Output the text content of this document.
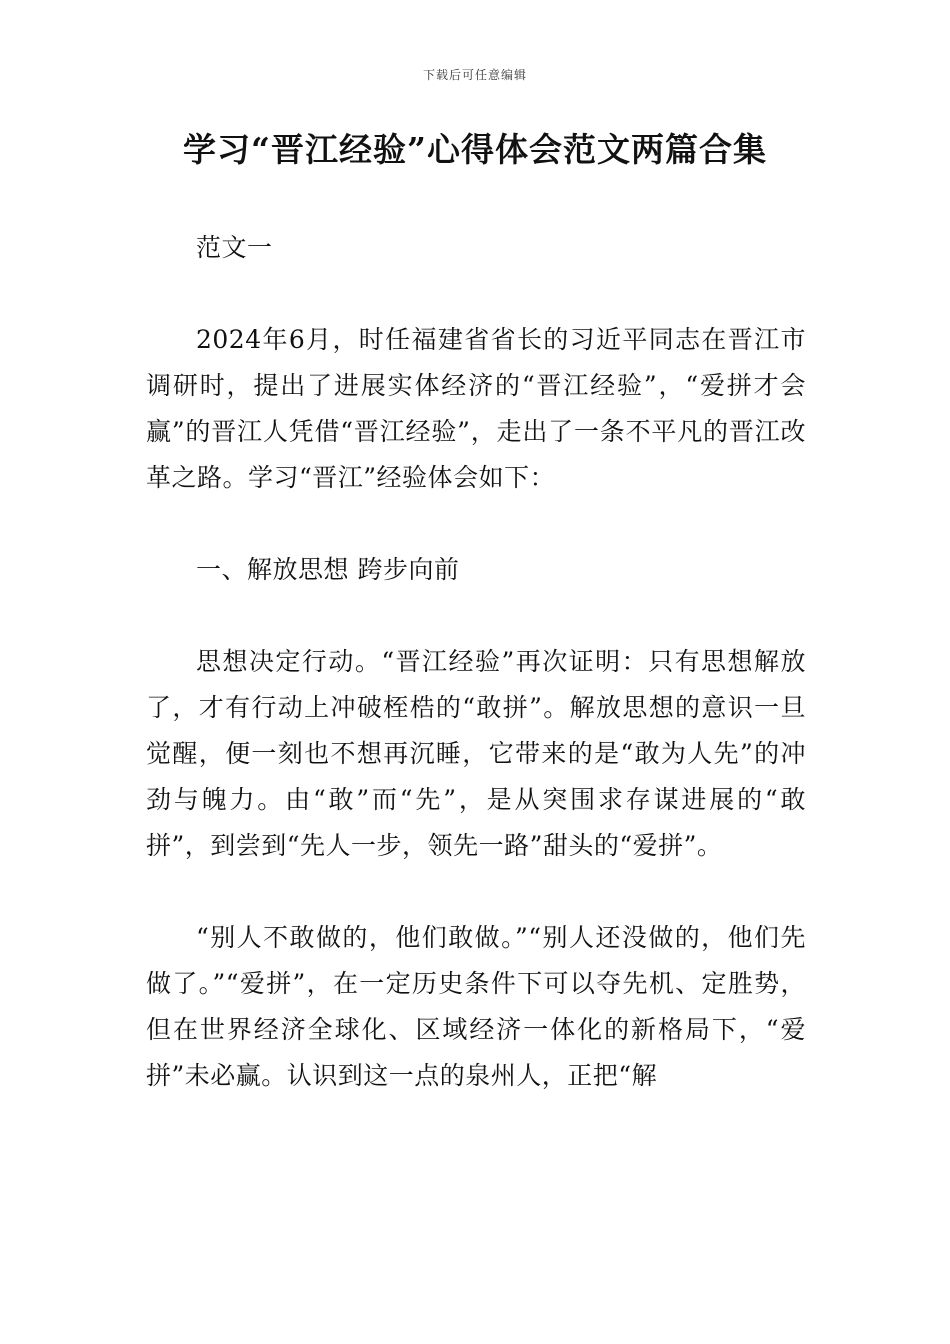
下载后可任意编辑
学习“晋江经验”心得体会范文两篇合集

范文一

2024年6月，时任福建省省长的习近平同志在晋江市调研时，提出了进展实体经济的“晋江经验”，“爱拼才会赢”的晋江人凭借“晋江经验”，走出了一条不平凡的晋江改革之路。学习“晋江”经验体会如下：

一、解放思想 跨步向前

思想决定行动。“晋江经验”再次证明：只有思想解放了，才有行动上冲破桎梏的“敢拼”。解放思想的意识一旦觉醒，便一刻也不想再沉睡，它带来的是“敢为人先”的冲劲与魄力。由“敢”而“先”，是从突围求存谋进展的“敢拼”，到尝到“先人一步，领先一路”甜头的“爱拼”。

“别人不敢做的，他们敢做。”“别人还没做的，他们先做了。”“爱拼”，在一定历史条件下可以夺先机、定胜势，但在世界经济全球化、区域经济一体化的新格局下，“爱拼”未必赢。认识到这一点的泉州人，正把“解
